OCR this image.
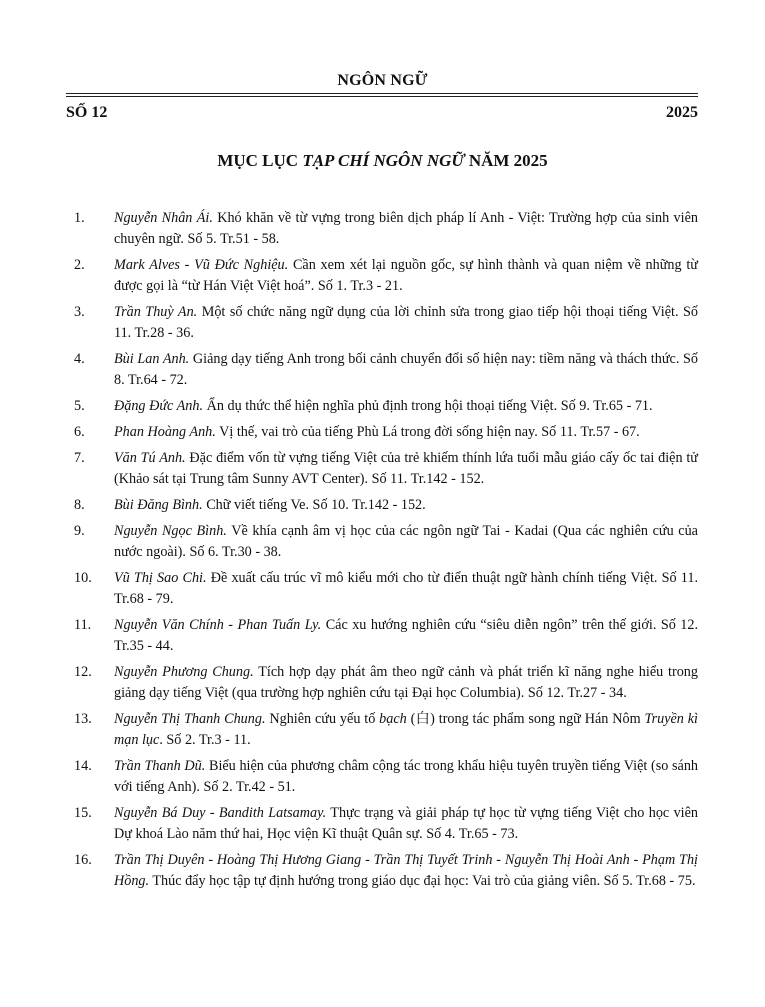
NGÔN NGỮ
SỐ 12	2025
MỤC LỤC TẠP CHÍ NGÔN NGỮ NĂM 2025
1.	Nguyễn Nhân Ái. Khó khăn về từ vựng trong biên dịch pháp lí Anh - Việt: Trường hợp của sinh viên chuyên ngữ. Số 5. Tr.51 - 58.
2.	Mark Alves - Vũ Đức Nghiệu. Cần xem xét lại nguồn gốc, sự hình thành và quan niệm về những từ được gọi là “từ Hán Việt Việt hoá”. Số 1. Tr.3 - 21.
3.	Trần Thuỳ An. Một số chức năng ngữ dụng của lời chỉnh sửa trong giao tiếp hội thoại tiếng Việt. Số 11. Tr.28 - 36.
4.	Bùi Lan Anh. Giảng dạy tiếng Anh trong bối cảnh chuyển đổi số hiện nay: tiềm năng và thách thức. Số 8. Tr.64 - 72.
5.	Đặng Đức Anh. Ẩn dụ thức thể hiện nghĩa phủ định trong hội thoại tiếng Việt. Số 9. Tr.65 - 71.
6.	Phan Hoàng Anh. Vị thế, vai trò của tiếng Phù Lá trong đời sống hiện nay. Số 11. Tr.57 - 67.
7.	Văn Tú Anh. Đặc điểm vốn từ vựng tiếng Việt của trẻ khiếm thính lứa tuổi mẫu giáo cấy ốc tai điện tử (Khảo sát tại Trung tâm Sunny AVT Center). Số 11. Tr.142 - 152.
8.	Bùi Đăng Bình. Chữ viết tiếng Ve. Số 10. Tr.142 - 152.
9.	Nguyễn Ngọc Bình. Về khía cạnh âm vị học của các ngôn ngữ Tai - Kadai (Qua các nghiên cứu của nước ngoài). Số 6. Tr.30 - 38.
10.	Vũ Thị Sao Chi. Đề xuất cấu trúc vĩ mô kiểu mới cho từ điển thuật ngữ hành chính tiếng Việt. Số 11. Tr.68 - 79.
11.	Nguyễn Văn Chính - Phan Tuấn Ly. Các xu hướng nghiên cứu “siêu diễn ngôn” trên thế giới. Số 12. Tr.35 - 44.
12.	Nguyễn Phương Chung. Tích hợp dạy phát âm theo ngữ cảnh và phát triển kĩ năng nghe hiểu trong giảng dạy tiếng Việt (qua trường hợp nghiên cứu tại Đại học Columbia). Số 12. Tr.27 - 34.
13.	Nguyễn Thị Thanh Chung. Nghiên cứu yếu tố bạch (白) trong tác phẩm song ngữ Hán Nôm Truyền kì mạn lục. Số 2. Tr.3 - 11.
14.	Trần Thanh Dũ. Biểu hiện của phương châm cộng tác trong khẩu hiệu tuyên truyền tiếng Việt (so sánh với tiếng Anh). Số 2. Tr.42 - 51.
15.	Nguyễn Bá Duy - Bandith Latsamay. Thực trạng và giải pháp tự học từ vựng tiếng Việt cho học viên Dự khoá Lào năm thứ hai, Học viện Kĩ thuật Quân sự. Số 4. Tr.65 - 73.
16.	Trần Thị Duyên - Hoàng Thị Hương Giang - Trần Thị Tuyết Trinh - Nguyễn Thị Hoài Anh - Phạm Thị Hồng. Thúc đẩy học tập tự định hướng trong giáo dục đại học: Vai trò của giảng viên. Số 5. Tr.68 - 75.
